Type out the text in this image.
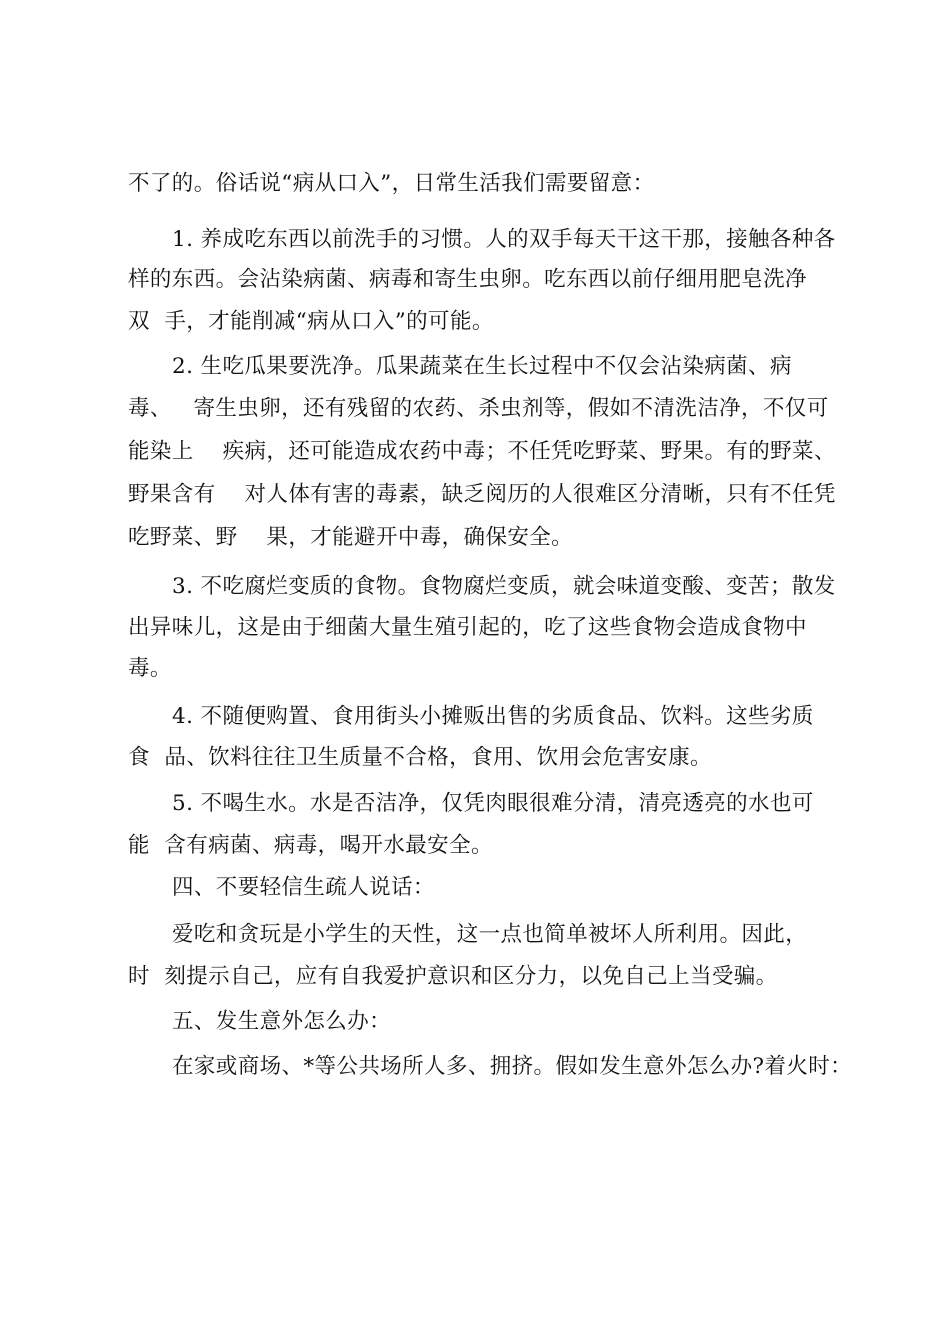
不了的。俗话说“病从口入”，日常生活我们需要留意：
1. 养成吃东西以前洗手的习惯。人的双手每天干这干那，接触各种各
样的东西。会沾染病菌、病毒和寄生虫卵。吃东西以前仔细用肥皂洗净
双  手，才能削减“病从口入”的可能。
2. 生吃瓜果要洗净。瓜果蔬菜在生长过程中不仅会沾染病菌、病
毒、   寄生虫卵，还有残留的农药、杀虫剂等，假如不清洗洁净，不仅可
能染上    疾病，还可能造成农药中毒；不任凭吃野菜、野果。有的野菜、
野果含有    对人体有害的毒素，缺乏阅历的人很难区分清晰，只有不任凭
吃野菜、野    果，才能避开中毒，确保安全。
3. 不吃腐烂变质的食物。食物腐烂变质，就会味道变酸、变苦；散发
出异味儿，这是由于细菌大量生殖引起的，吃了这些食物会造成食物中
毒。
4. 不随便购置、食用街头小摊贩出售的劣质食品、饮料。这些劣质
食  品、饮料往往卫生质量不合格，食用、饮用会危害安康。
5. 不喝生水。水是否洁净，仅凭肉眼很难分清，清亮透亮的水也可
能  含有病菌、病毒，喝开水最安全。
四、不要轻信生疏人说话：
爱吃和贪玩是小学生的天性，这一点也简单被坏人所利用。因此，
时  刻提示自己，应有自我爱护意识和区分力，以免自己上当受骗。
五、发生意外怎么办：
在家或商场、*等公共场所人多、拥挤。假如发生意外怎么办?着火时：
